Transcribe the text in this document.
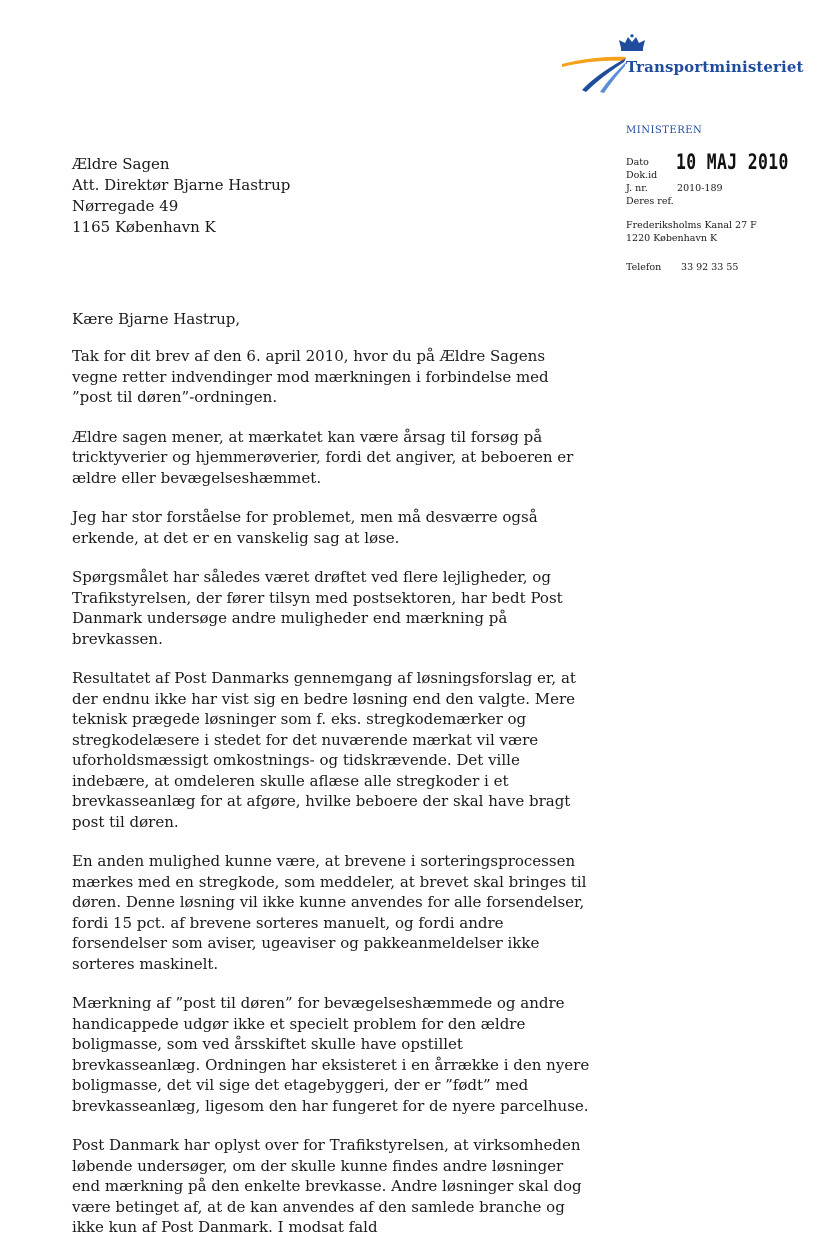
Transportministeriet
MINISTEREN
Dato	10 MAJ 2010
Dok.id
J. nr.	2010-189
Deres ref.
Frederiksholms Kanal 27 F
1220 København K
Telefon 33 92 33 55
Ældre Sagen
Att. Direktør Bjarne Hastrup
Nørregade 49
1165 København K
Kære Bjarne Hastrup,

Tak for dit brev af den 6. april 2010, hvor du på Ældre Sagens vegne retter indvendinger mod mærkningen i forbindelse med ”post til døren”-ordningen.

Ældre sagen mener, at mærkatet kan være årsag til forsøg på tricktyverier og hjemmerøverier, fordi det angiver, at beboeren er ældre eller bevægelseshæmmet.

Jeg har stor forståelse for problemet, men må desværre også erkende, at det er en vanskelig sag at løse.

Spørgsmålet har således været drøftet ved flere lejligheder, og Trafikstyrelsen, der fører tilsyn med postsektoren, har bedt Post Danmark undersøge andre muligheder end mærkning på brevkassen.

Resultatet af Post Danmarks gennemgang af løsningsforslag er, at der endnu ikke har vist sig en bedre løsning end den valgte. Mere teknisk prægede løsninger som f. eks. stregkodemærker og stregkodelæsere i stedet for det nuværende mærkat vil være uforholdsmæssigt omkostnings- og tidskrævende. Det ville indebære, at omdeleren skulle aflæse alle stregkoder i et brevkasseanlæg for at afgøre, hvilke beboere der skal have bragt post til døren.

En anden mulighed kunne være, at brevene i sorteringsprocessen mærkes med en stregkode, som meddeler, at brevet skal bringes til døren. Denne løsning vil ikke kunne anvendes for alle forsendelser, fordi 15 pct. af brevene sorteres manuelt, og fordi andre forsendelser som aviser, ugeaviser og pakkeanmeldelser ikke sorteres maskinelt.

Mærkning af ”post til døren” for bevægelseshæmmede og andre handicappede udgør ikke et specielt problem for den ældre boligmasse, som ved årsskiftet skulle have opstillet brevkasseanlæg. Ordningen har eksisteret i en årrække i den nyere boligmasse, det vil sige det etagebyggeri, der er ”født” med brevkasseanlæg, ligesom den har fungeret for de nyere parcelhuse.

Post Danmark har oplyst over for Trafikstyrelsen, at virksomheden løbende undersøger, om der skulle kunne findes andre løsninger end mærkning på den enkelte brevkasse. Andre løsninger skal dog være betinget af, at de kan anvendes af den samlede branche og ikke kun af Post Danmark. I modsat fald
